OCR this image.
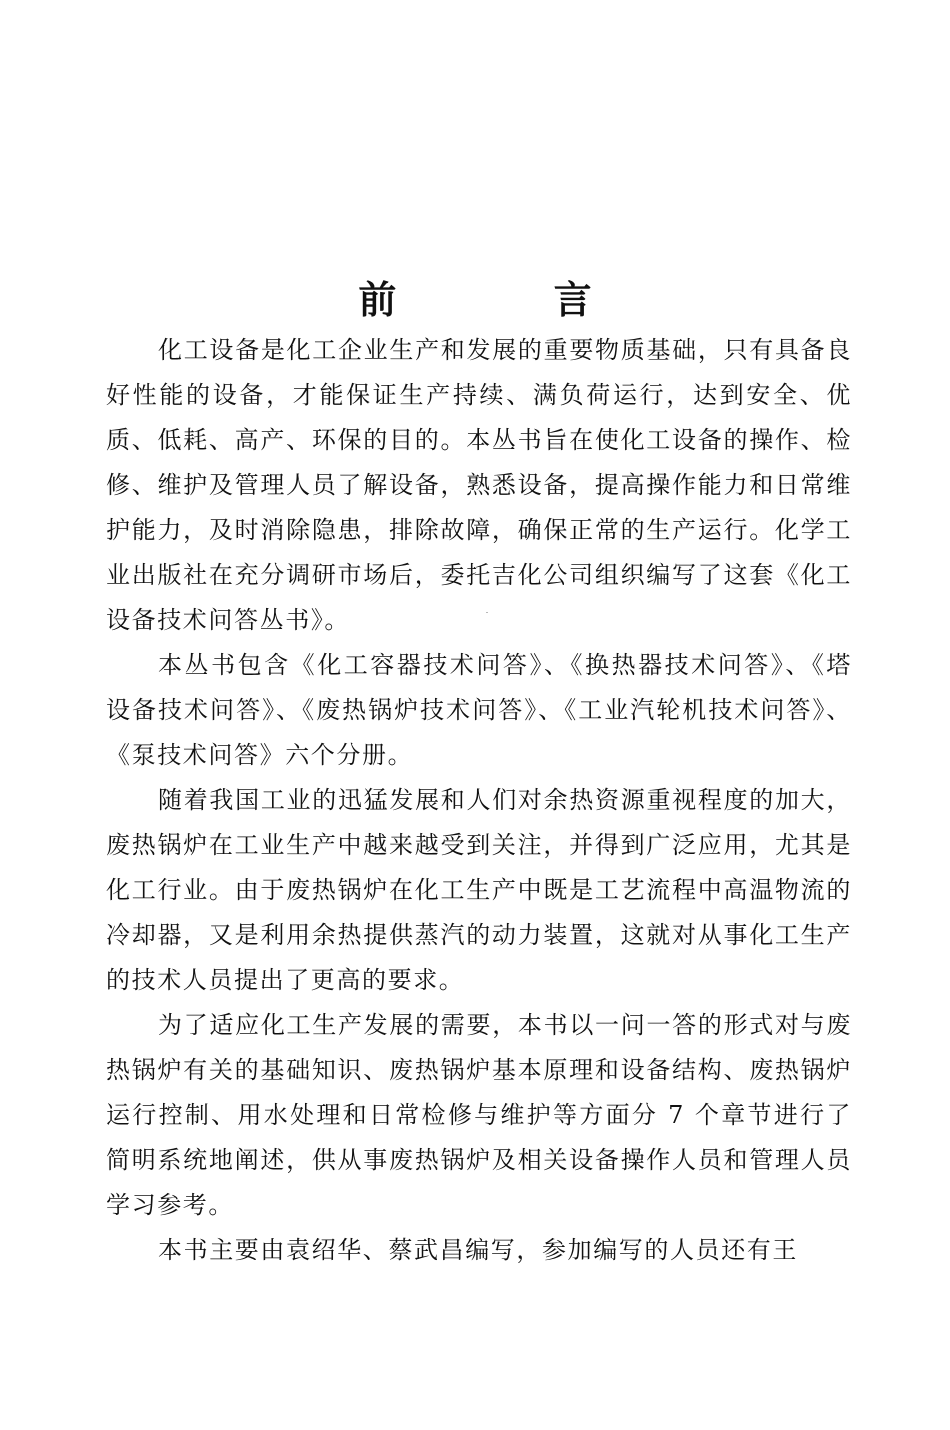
前 言

化工设备是化工企业生产和发展的重要物质基础，只有具备良好性能的设备，才能保证生产持续、满负荷运行，达到安全、优质、低耗、高产、环保的目的。本丛书旨在使化工设备的操作、检修、维护及管理人员了解设备，熟悉设备，提高操作能力和日常维护能力，及时消除隐患，排除故障，确保正常的生产运行。化学工业出版社在充分调研市场后，委托吉化公司组织编写了这套《化工设备技术问答丛书》。

本丛书包含《化工容器技术问答》、《换热器技术问答》、《塔设备技术问答》、《废热锅炉技术问答》、《工业汽轮机技术问答》、《泵技术问答》六个分册。

随着我国工业的迅猛发展和人们对余热资源重视程度的加大，废热锅炉在工业生产中越来越受到关注，并得到广泛应用，尤其是化工行业。由于废热锅炉在化工生产中既是工艺流程中高温物流的冷却器，又是利用余热提供蒸汽的动力装置，这就对从事化工生产的技术人员提出了更高的要求。

为了适应化工生产发展的需要，本书以一问一答的形式对与废热锅炉有关的基础知识、废热锅炉基本原理和设备结构、废热锅炉运行控制、用水处理和日常检修与维护等方面分 7 个章节进行了简明系统地阐述，供从事废热锅炉及相关设备操作人员和管理人员学习参考。

本书主要由袁绍华、蔡武昌编写，参加编写的人员还有王
